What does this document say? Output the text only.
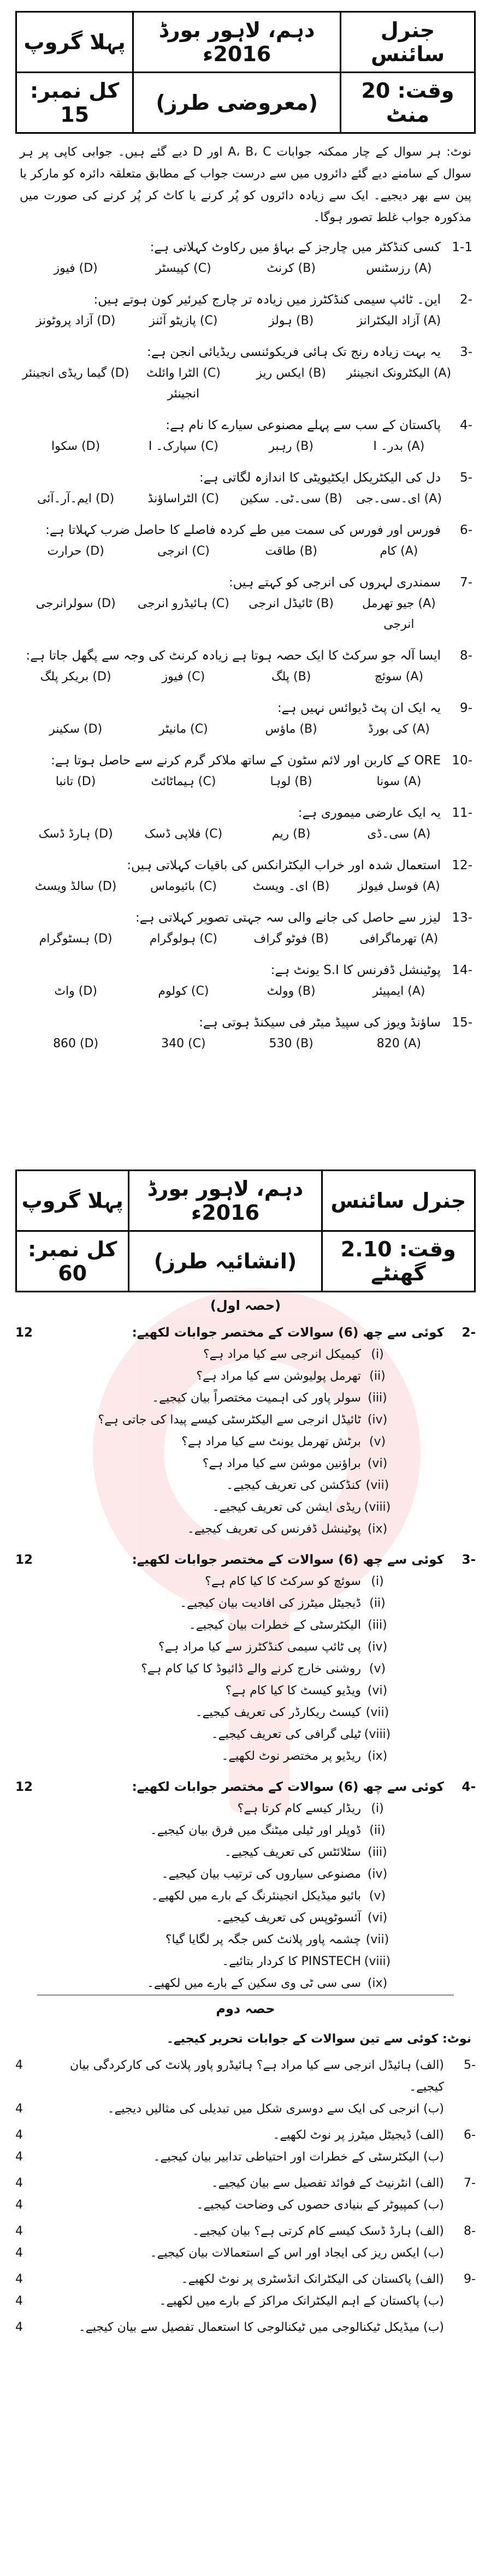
جنرل سائنس	دہم، لاہور بورڈ 2016ء	پہلا گروپ
وقت: 20 منٹ	(معروضی طرز)	کل نمبر: 15
نوٹ: ہر سوال کے چار ممکنہ جوابات A، B، C اور D دیے گئے ہیں۔ جوابی کاپی پر ہر سوال کے سامنے دیے گئے دائروں میں سے درست جواب کے مطابق متعلقہ دائرہ کو مارکر یا پین سے بھر دیجیے۔ ایک سے زیادہ دائروں کو پُر کرنے یا کاٹ کر پُر کرنے کی صورت میں مذکورہ جواب غلط تصور ہوگا۔
1-1
کسی کنڈکٹر میں چارجز کے بہاؤ میں رکاوٹ کہلاتی ہے:
(A) رزسٹنس
(B) کرنٹ
(C) کپیسٹر
(D) فیوز
-2
این۔ ٹائپ سیمی کنڈکٹرز میں زیادہ تر چارج کیرئیر کون ہوتے ہیں:
(A) آزاد الیکٹرانز
(B) ہولز
(C) پازیٹو آئنز
(D) آزاد پروٹونز
-3
یہ بہت زیادہ رنج تک ہائی فریکوئنسی ریڈیائی انجن ہے:
(A) الیکٹرونک انجینئر
(B) ایکس ریز
(C) الٹرا وائلٹ انجینئر
(D) گیما ریڈی انجینئر
-4
پاکستان کے سب سے پہلے مصنوعی سیارے کا نام ہے:
(A) بدر۔ I
(B) رہبر
(C) سپارک۔ I
(D) سکوا
-5
دل کی الیکٹریکل ایکٹیویٹی کا اندازہ لگاتی ہے:
(A) ای۔سی۔جی
(B) سی۔ٹی۔ سکین
(C) الٹراساؤنڈ
(D) ایم۔آر۔آئی
-6
فورس اور فورس کی سمت میں طے کردہ فاصلے کا حاصل ضرب کہلاتا ہے:
(A) کام
(B) طاقت
(C) انرجی
(D) حرارت
-7
سمندری لہروں کی انرجی کو کہتے ہیں:
(A) جیو تھرمل انرجی
(B) ٹائیڈل انرجی
(C) ہائیڈرو انرجی
(D) سولرانرجی
-8
ایسا آلہ جو سرکٹ کا ایک حصہ ہوتا ہے زیادہ کرنٹ کی وجہ سے پگھل جاتا ہے:
(A) سوئچ
(B) پلگ
(C) فیوز
(D) بریکر پلگ
-9
یہ ایک ان پٹ ڈیوائس نہیں ہے:
(A) کی بورڈ
(B) ماؤس
(C) مانیٹر
(D) سکینر
-10
ORE کے کاربن اور لائم سٹون کے ساتھ ملاکر گرم کرنے سے حاصل ہوتا ہے:
(A) سونا
(B) لوہا
(C) ہیماٹائٹ
(D) تانبا
-11
یہ ایک عارضی میموری ہے:
(A) سی۔ڈی
(B) ریم
(C) فلاپی ڈسک
(D) ہارڈ ڈسک
-12
استعمال شدہ اور خراب الیکٹرانکس کی باقیات کہلاتی ہیں:
(A) فوسل فیولز
(B) ای۔ ویسٹ
(C) بائیوماس
(D) سالڈ ویسٹ
-13
لیزر سے حاصل کی جانے والی سہ جہتی تصویر کہلاتی ہے:
(A) تھرماگرافی
(B) فوٹو گراف
(C) ہولوگرام
(D) ہسٹوگرام
-14
پوٹینشل ڈفرنس کا S.I یونٹ ہے:
(A) ایمپیئر
(B) وولٹ
(C) کولوم
(D) واٹ
-15
ساؤنڈ ویوز کی سپیڈ میٹر فی سیکنڈ ہوتی ہے:
(A) 820
(B) 530
(C) 340
(D) 860
جنرل سائنس	دہم، لاہور بورڈ 2016ء	پہلا گروپ
وقت: 2.10 گھنٹے	(انشائیہ طرز)	کل نمبر: 60
(حصہ اول)
-2
کوئی سے چھ (6) سوالات کے مختصر جوابات لکھیے:
12
(i)
کیمیکل انرجی سے کیا مراد ہے؟
(ii)
تھرمل پولیوشن سے کیا مراد ہے؟
(iii)
سولر پاور کی اہمیت مختصراً بیان کیجیے۔
(iv)
ٹائیڈل انرجی سے الیکٹرسٹی کیسے پیدا کی جاتی ہے؟
(v)
برٹش تھرمل یونٹ سے کیا مراد ہے؟
(vi)
براؤنین موشن سے کیا مراد ہے؟
(vii)
کنڈکشن کی تعریف کیجیے۔
(viii)
ریڈی ایشن کی تعریف کیجیے۔
(ix)
پوٹینشل ڈفرنس کی تعریف کیجیے۔
-3
کوئی سے چھ (6) سوالات کے مختصر جوابات لکھیے:
12
(i)
سوئچ کو سرکٹ کا کیا کام ہے؟
(ii)
ڈیجیٹل میٹرز کی افادیت بیان کیجیے۔
(iii)
الیکٹرسٹی کے خطرات بیان کیجیے۔
(iv)
پی ٹائپ سیمی کنڈکٹرز سے کیا مراد ہے؟
(v)
روشنی خارج کرنے والے ڈائیوڈ کا کیا کام ہے؟
(vi)
ویڈیو کیسٹ کا کیا کام ہے؟
(vii)
کیسٹ ریکارڈر کی تعریف کیجیے۔
(viii)
ٹیلی گرافی کی تعریف کیجیے۔
(ix)
ریڈیو پر مختصر نوٹ لکھیے۔
-4
کوئی سے چھ (6) سوالات کے مختصر جوابات لکھیے:
12
(i)
ریڈار کیسے کام کرتا ہے؟
(ii)
ڈوپلر اور ٹیلی میٹنگ میں فرق بیان کیجیے۔
(iii)
سٹلائٹس کی تعریف کیجیے۔
(iv)
مصنوعی سیاروں کی ترتیب بیان کیجیے۔
(v)
بائیو میڈیکل انجینئرنگ کے بارے میں لکھیے۔
(vi)
آئسوٹوپس کی تعریف کیجیے۔
(vii)
چشمہ پاور پلانٹ کس جگہ پر لگایا گیا؟
(viii)
PINSTECH کا کردار بتائیے۔
(ix)
سی سی ٹی وی سکین کے بارے میں لکھیے۔
حصہ دوم
نوٹ: کوئی سے تین سوالات کے جوابات تحریر کیجیے۔
-5
(الف) ہائیڈل انرجی سے کیا مراد ہے؟ ہائیڈرو پاور پلانٹ کی کارکردگی بیان کیجیے۔
4
(ب) انرجی کی ایک سے دوسری شکل میں تبدیلی کی مثالیں دیجیے۔
4
-6
(الف) ڈیجیٹل میٹرز پر نوٹ لکھیے۔
4
(ب) الیکٹرسٹی کے خطرات اور احتیاطی تدابیر بیان کیجیے۔
4
-7
(الف) انٹرنیٹ کے فوائد تفصیل سے بیان کیجیے۔
4
(ب) کمپیوٹر کے بنیادی حصوں کی وضاحت کیجیے۔
4
-8
(الف) ہارڈ ڈسک کیسے کام کرتی ہے؟ بیان کیجیے۔
4
(ب) ایکس ریز کی ایجاد اور اس کے استعمالات بیان کیجیے۔
4
-9
(الف) پاکستان کی الیکٹرانک انڈسٹری پر نوٹ لکھیے۔
4
(ب) پاکستان کے اہم الیکٹرانک مراکز کے بارے میں لکھیے۔
4
(ب) میڈیکل ٹیکنالوجی میں ٹیکنالوجی کا استعمال تفصیل سے بیان کیجیے۔
4
